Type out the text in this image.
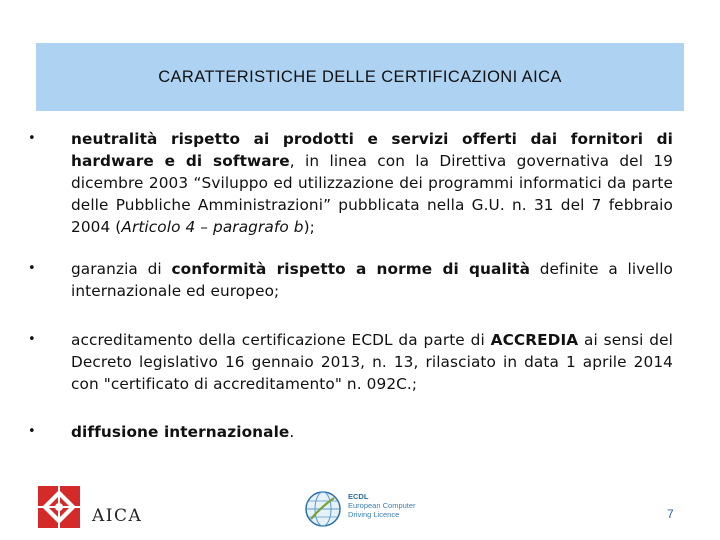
CARATTERISTICHE DELLE CERTIFICAZIONI AICA
• neutralità rispetto ai prodotti e servizi offerti dai fornitori di hardware e di software, in linea con la Direttiva governativa del 19 dicembre 2003 “Sviluppo ed utilizzazione dei programmi informatici da parte delle Pubbliche Amministrazioni” pubblicata nella G.U. n. 31 del 7 febbraio 2004 (Articolo 4 – paragrafo b);
• garanzia di conformità rispetto a norme di qualità definite a livello internazionale ed europeo;
• accreditamento della certificazione ECDL da parte di ACCREDIA ai sensi del Decreto legislativo 16 gennaio 2013, n. 13, rilasciato in data 1 aprile 2014 con "certificato di accreditamento" n. 092C.;
• diffusione internazionale.
AICA
ECDL
European Computer
Driving Licence	7
